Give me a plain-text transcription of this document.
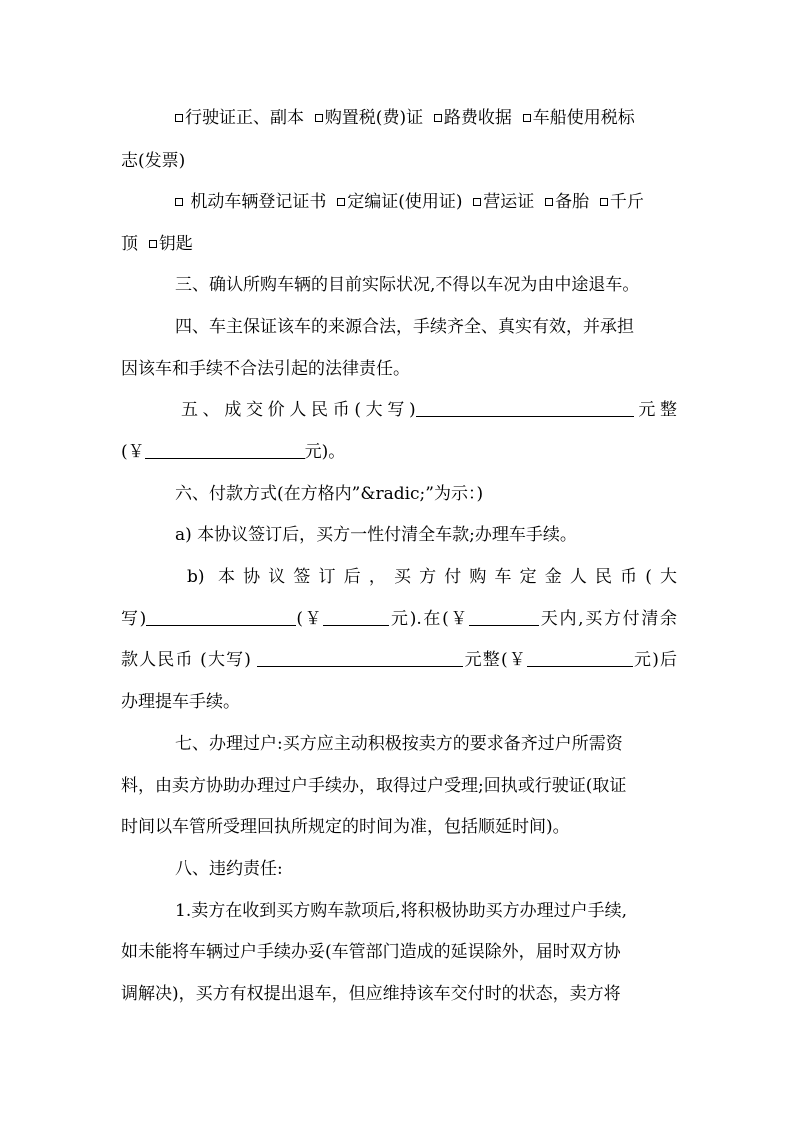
行驶证正、副本 购置税(费)证 路费收据 车船使用税标
志(发票)
机动车辆登记证书 定编证(使用证) 营运证 备胎 千斤
顶 钥匙
三、确认所购车辆的目前实际状况,不得以车况为由中途退车。
四、车主保证该车的来源合法，手续齐全、真实有效，并承担
因该车和手续不合法引起的法律责任。
五、成交价人民币(大写)	元整
(￥	元)。
六、付款方式(在方格内”&radic;”为示：)
a) 本协议签订后，买方一性付清全车款;办理车手续。
b) 本协议签订后，买方付购车定金人民币(大
写)	(￥	元).在(￥	天内,买方付清余
款人民币 (大写)	元整(￥	元)后
办理提车手续。
七、办理过户:买方应主动积极按卖方的要求备齐过户所需资
料，由卖方协助办理过户手续办，取得过户受理;回执或行驶证(取证
时间以车管所受理回执所规定的时间为准，包括顺延时间)。
八、违约责任:
1.卖方在收到买方购车款项后,将积极协助买方办理过户手续,
如未能将车辆过户手续办妥(车管部门造成的延误除外，届时双方协
调解决)，买方有权提出退车，但应维持该车交付时的状态，卖方将
